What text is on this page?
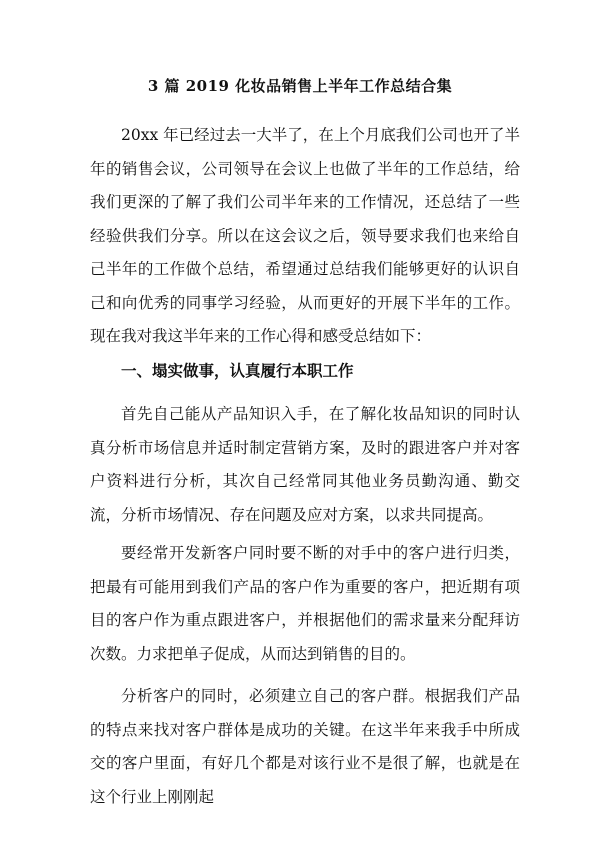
3 篇 2019 化妆品销售上半年工作总结合集

20xx 年已经过去一大半了，在上个月底我们公司也开了半年的销售会议，公司领导在会议上也做了半年的工作总结，给我们更深的了解了我们公司半年来的工作情况，还总结了一些经验供我们分享。所以在这会议之后，领导要求我们也来给自己半年的工作做个总结，希望通过总结我们能够更好的认识自己和向优秀的同事学习经验，从而更好的开展下半年的工作。现在我对我这半年来的工作心得和感受总结如下：

一、塌实做事，认真履行本职工作

首先自己能从产品知识入手，在了解化妆品知识的同时认真分析市场信息并适时制定营销方案，及时的跟进客户并对客户资料进行分析，其次自己经常同其他业务员勤沟通、勤交流，分析市场情况、存在问题及应对方案，以求共同提高。

要经常开发新客户同时要不断的对手中的客户进行归类，把最有可能用到我们产品的客户作为重要的客户，把近期有项目的客户作为重点跟进客户，并根据他们的需求量来分配拜访次数。力求把单子促成，从而达到销售的目的。

分析客户的同时，必须建立自己的客户群。根据我们产品的特点来找对客户群体是成功的关键。在这半年来我手中所成交的客户里面，有好几个都是对该行业不是很了解，也就是在这个行业上刚刚起
